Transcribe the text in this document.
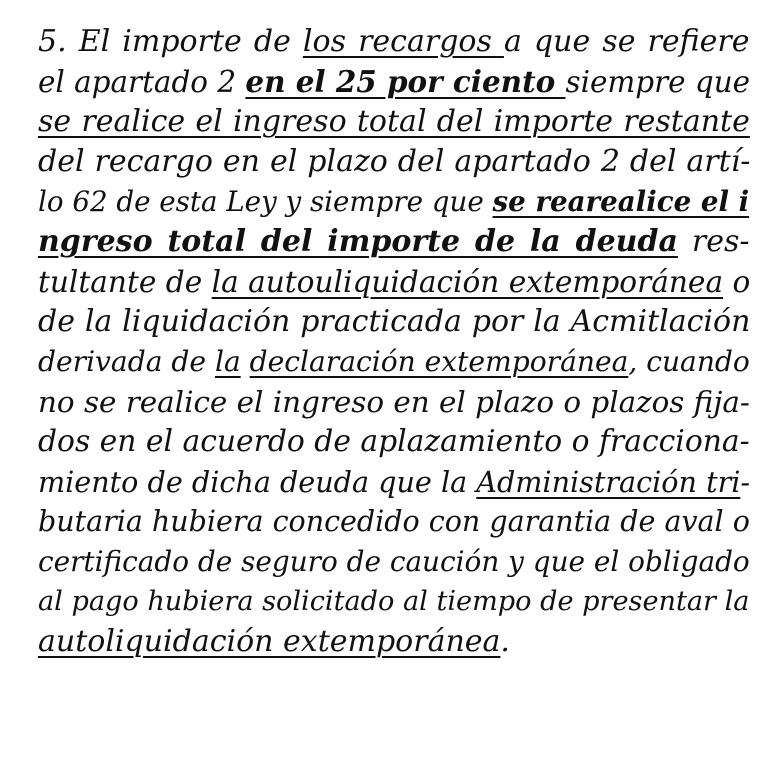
5. El importe de los recargos a que se refiere
el apartado 2 en el 25 por ciento siempre que
se realice el ingreso total del importe restante
del recargo en el plazo del apartado 2 del artí-
lo 62 de esta Ley y siempre que se rearealice el i
ngreso total del importe de la deuda res-
tultante de la autouliquidación extemporánea o
de la liquidación practicada por la Acmitlación
derivada de la declaración extemporánea, cuando
no se realice el ingreso en el plazo o plazos fija-
dos en el acuerdo de aplazamiento o fracciona-
miento de dicha deuda que la Administración tri-
butaria hubiera concedido con garantia de aval o
certificado de seguro de caución y que el obligado
al pago hubiera solicitado al tiempo de presentar la
autoliquidación extemporánea.
